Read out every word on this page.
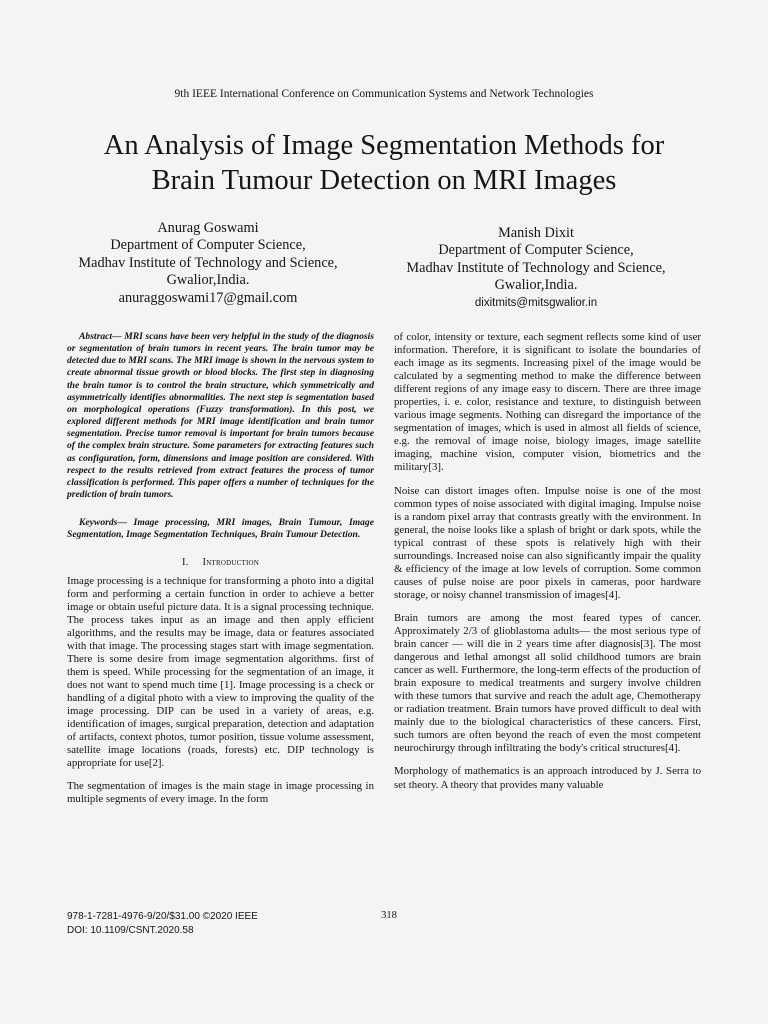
9th IEEE International Conference on Communication Systems and Network Technologies
An Analysis of Image Segmentation Methods for
Brain Tumour Detection on MRI Images
Anurag Goswami
Department of Computer Science,
Madhav Institute of Technology and Science,
Gwalior,India.
anuraggoswami17@gmail.com
Manish Dixit
Department of Computer Science,
Madhav Institute of Technology and Science,
Gwalior,India.
dixitmits@mitsgwalior.in

Abstract— MRI scans have been very helpful in the study of the diagnosis or segmentation of brain tumors in recent years. The brain tumor may be detected due to MRI scans. The MRI image is shown in the nervous system to create abnormal tissue growth or blood blocks. The first step in diagnosing the brain tumor is to control the brain structure, which symmetrically and asymmetrically identifies abnormalities. The next step is segmentation based on morphological operations (Fuzzy transformation). In this post, we explored different methods for MRI image identification and brain tumor segmentation. Precise tumor removal is important for brain tumors because of the complex brain structure. Some parameters for extracting features such as configuration, form, dimensions and image position are considered. With respect to the results retrieved from extract features the process of tumor classification is performed. This paper offers a number of techniques for the prediction of brain tumors.

Keywords— Image processing, MRI images, Brain Tumour, Image Segmentation, Image Segmentation Techniques, Brain Tumour Detection.

I. Introduction

Image processing is a technique for transforming a photo into a digital form and performing a certain function in order to achieve a better image or obtain useful picture data. It is a signal processing technique. The process takes input as an image and then apply efficient algorithms, and the results may be image, data or features associated with that image. The processing stages start with image segmentation. There is some desire from image segmentation algorithms. first of them is speed. While processing for the segmentation of an image, it does not want to spend much time [1]. Image processing is a check or handling of a digital photo with a view to improving the quality of the image processing. DIP can be used in a variety of areas, e.g. identification of images, surgical preparation, detection and adaptation of artifacts, context photos, tumor position, tissue volume assessment, satellite image locations (roads, forests) etc. DIP technology is appropriate for use[2].

The segmentation of images is the main stage in image processing in multiple segments of every image. In the form

of color, intensity or texture, each segment reflects some kind of user information. Therefore, it is significant to isolate the boundaries of each image as its segments. Increasing pixel of the image would be calculated by a segmenting method to make the difference between different regions of any image easy to discern. There are three image properties, i. e. color, resistance and texture, to distinguish between various image segments. Nothing can disregard the importance of the segmentation of images, which is used in almost all fields of science, e.g. the removal of image noise, biology images, image satellite imaging, machine vision, computer vision, biometrics and the military[3].

Noise can distort images often. Impulse noise is one of the most common types of noise associated with digital imaging. Impulse noise is a random pixel array that contrasts greatly with the environment. In general, the noise looks like a splash of bright or dark spots, while the typical contrast of these spots is relatively high with their surroundings. Increased noise can also significantly impair the quality & efficiency of the image at low levels of corruption. Some common causes of pulse noise are poor pixels in cameras, poor hardware storage, or noisy channel transmission of images[4].

Brain tumors are among the most feared types of cancer. Approximately 2/3 of glioblastoma adults— the most serious type of brain cancer — will die in 2 years time after diagnosis[3]. The most dangerous and lethal amongst all solid childhood tumors are brain cancer as well. Furthermore, the long-term effects of the production of brain exposure to medical treatments and surgery involve children with these tumors that survive and reach the adult age, Chemotherapy or radiation treatment. Brain tumors have proved difficult to deal with mainly due to the biological characteristics of these cancers. First, such tumors are often beyond the reach of even the most competent neurochirurgy through infiltrating the body's critical structures[4].

Morphology of mathematics is an approach introduced by J. Serra to set theory. A theory that provides many valuable

978-1-7281-4976-9/20/$31.00 ©2020 IEEE
DOI: 10.1109/CSNT.2020.58
318
